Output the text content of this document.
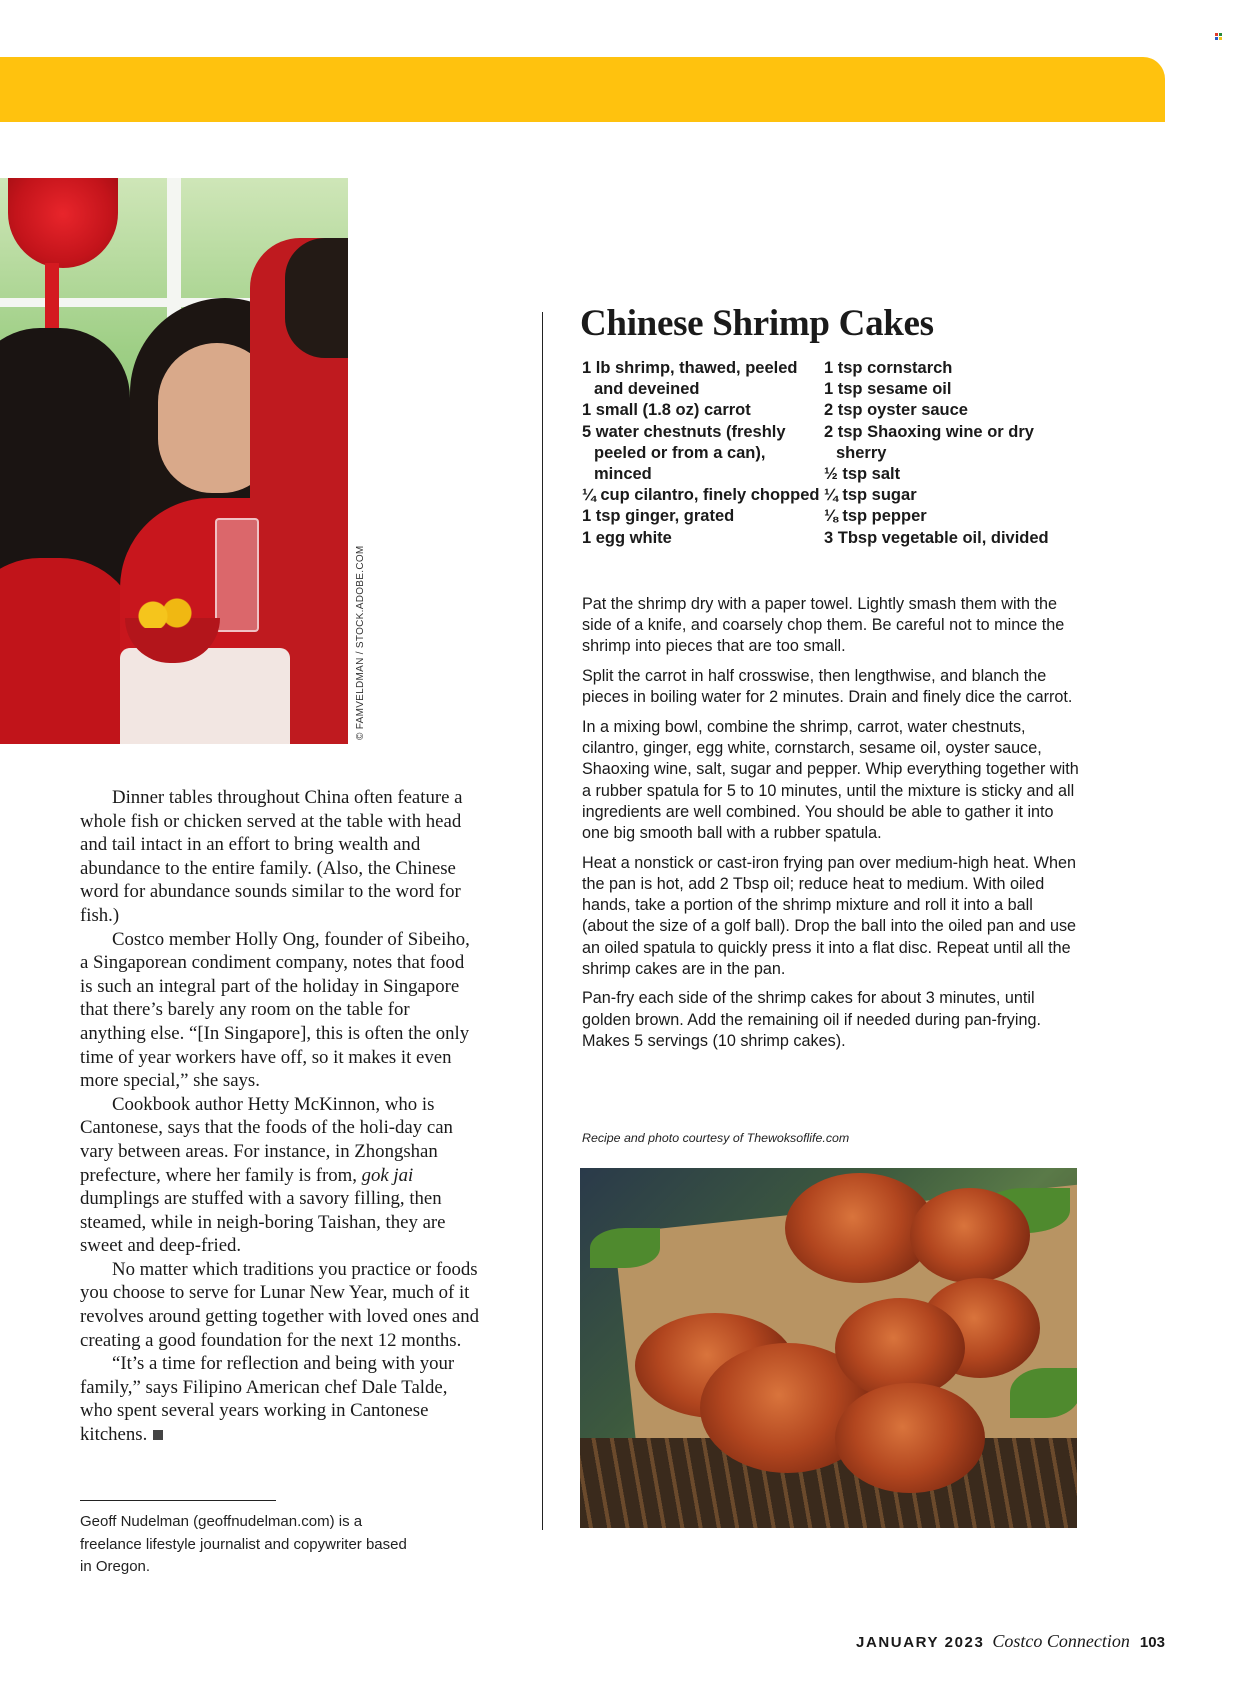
© FAMVELDMAN / STOCK.ADOBE.COM

Dinner tables throughout China often feature a whole fish or chicken served at the table with head and tail intact in an effort to bring wealth and abundance to the entire family. (Also, the Chinese word for abundance sounds similar to the word for fish.)

Costco member Holly Ong, founder of Sibeiho, a Singaporean condiment company, notes that food is such an integral part of the holiday in Singapore that there’s barely any room on the table for anything else. “[In Singapore], this is often the only time of year workers have off, so it makes it even more special,” she says.

Cookbook author Hetty McKinnon, who is Cantonese, says that the foods of the holi-day can vary between areas. For instance, in Zhongshan prefecture, where her family is from, gok jai dumplings are stuffed with a savory filling, then steamed, while in neigh-boring Taishan, they are sweet and deep-fried.

No matter which traditions you practice or foods you choose to serve for Lunar New Year, much of it revolves around getting together with loved ones and creating a good foundation for the next 12 months.

“It’s a time for reflection and being with your family,” says Filipino American chef Dale Talde, who spent several years working in Cantonese kitchens.

Geoff Nudelman (geoffnudelman.com) is a freelance lifestyle journalist and copywriter based in Oregon.
Chinese Shrimp Cakes
1 lb shrimp, thawed, peeled and deveined
1 small (1.8 oz) carrot
5 water chestnuts (freshly peeled or from a can), minced
¼ cup cilantro, finely chopped
1 tsp ginger, grated
1 egg white
1 tsp cornstarch
1 tsp sesame oil
2 tsp oyster sauce
2 tsp Shaoxing wine or dry sherry
½ tsp salt
¼ tsp sugar
⅛ tsp pepper
3 Tbsp vegetable oil, divided

Pat the shrimp dry with a paper towel. Lightly smash them with the side of a knife, and coarsely chop them. Be careful not to mince the shrimp into pieces that are too small.

Split the carrot in half crosswise, then lengthwise, and blanch the pieces in boiling water for 2 minutes. Drain and finely dice the carrot.

In a mixing bowl, combine the shrimp, carrot, water chestnuts, cilantro, ginger, egg white, cornstarch, sesame oil, oyster sauce, Shaoxing wine, salt, sugar and pepper. Whip everything together with a rubber spatula for 5 to 10 minutes, until the mixture is sticky and all ingredients are well combined. You should be able to gather it into one big smooth ball with a rubber spatula.

Heat a nonstick or cast-iron frying pan over medium-high heat. When the pan is hot, add 2 Tbsp oil; reduce heat to medium. With oiled hands, take a portion of the shrimp mixture and roll it into a ball (about the size of a golf ball). Drop the ball into the oiled pan and use an oiled spatula to quickly press it into a flat disc. Repeat until all the shrimp cakes are in the pan.

Pan-fry each side of the shrimp cakes for about 3 minutes, until golden brown. Add the remaining oil if needed during pan-frying. Makes 5 servings (10 shrimp cakes).

Recipe and photo courtesy of Thewoksoflife.com
JANUARY 2023 Costco Connection 103
